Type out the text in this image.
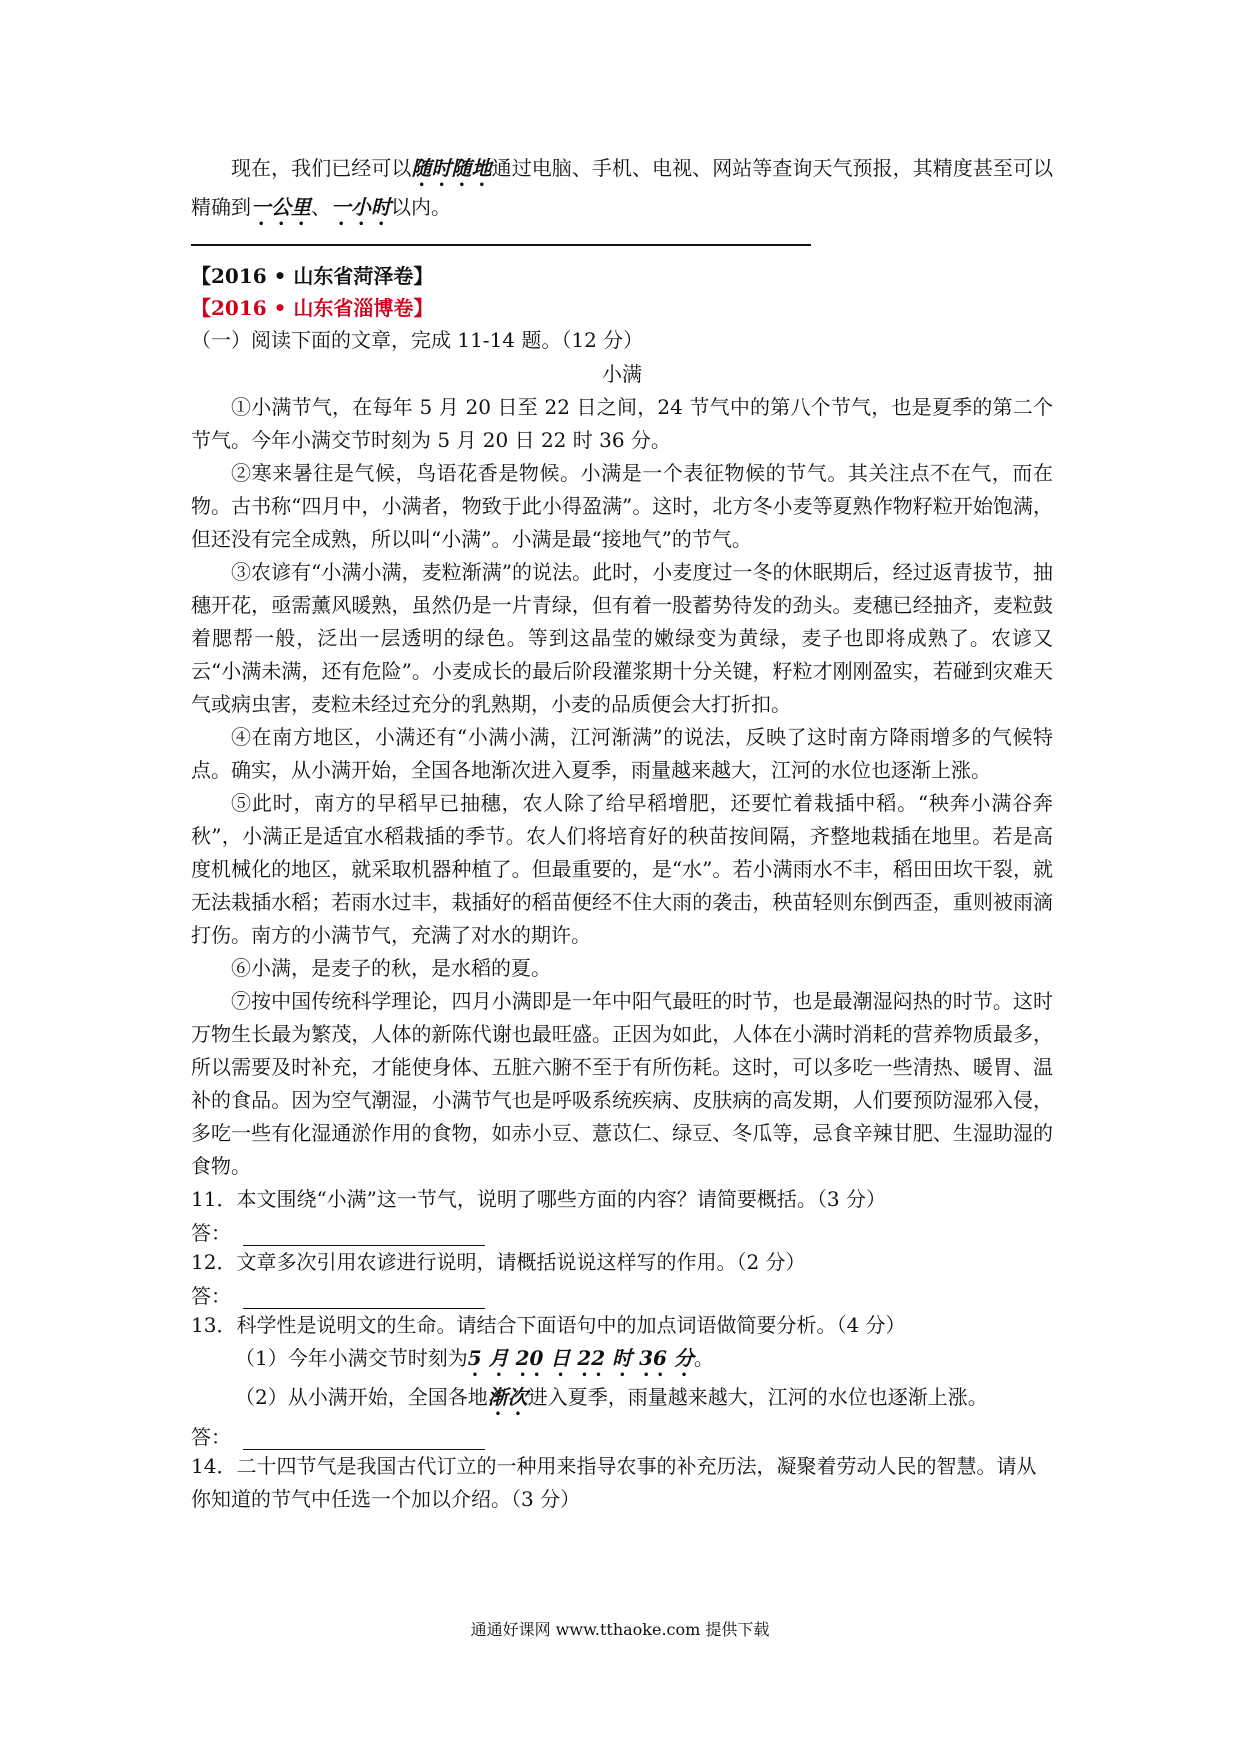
现在，我们已经可以随时随地通过电脑、手机、电视、网站等查询天气预报，其精度甚至可以精确到一公里、一小时以内。

【2016 • 山东省菏泽卷】
【2016 • 山东省淄博卷】
（一）阅读下面的文章，完成 11-14 题。（12 分）
小满

①小满节气，在每年 5 月 20 日至 22 日之间，24 节气中的第八个节气，也是夏季的第二个节气。今年小满交节时刻为 5 月 20 日 22 时 36 分。

②寒来暑往是气候，鸟语花香是物候。小满是一个表征物候的节气。其关注点不在气，而在物。古书称“四月中，小满者，物致于此小得盈满”。这时，北方冬小麦等夏熟作物籽粒开始饱满，但还没有完全成熟，所以叫“小满”。小满是最“接地气”的节气。

③农谚有“小满小满，麦粒渐满”的说法。此时，小麦度过一冬的休眠期后，经过返青拔节，抽穗开花，亟需薰风暖熟，虽然仍是一片青绿，但有着一股蓄势待发的劲头。麦穗已经抽齐，麦粒鼓着腮帮一般，泛出一层透明的绿色。等到这晶莹的嫩绿变为黄绿，麦子也即将成熟了。农谚又云“小满未满，还有危险”。小麦成长的最后阶段灌浆期十分关键，籽粒才刚刚盈实，若碰到灾难天气或病虫害，麦粒未经过充分的乳熟期，小麦的品质便会大打折扣。

④在南方地区，小满还有“小满小满，江河渐满”的说法，反映了这时南方降雨增多的气候特点。确实，从小满开始，全国各地渐次进入夏季，雨量越来越大，江河的水位也逐渐上涨。

⑤此时，南方的早稻早已抽穗，农人除了给早稻增肥，还要忙着栽插中稻。“秧奔小满谷奔秋”，小满正是适宜水稻栽插的季节。农人们将培育好的秧苗按间隔，齐整地栽插在地里。若是高度机械化的地区，就采取机器种植了。但最重要的，是“水”。若小满雨水不丰，稻田田坎干裂，就无法栽插水稻；若雨水过丰，栽插好的稻苗便经不住大雨的袭击，秧苗轻则东倒西歪，重则被雨滴打伤。南方的小满节气，充满了对水的期许。

⑥小满，是麦子的秋，是水稻的夏。

⑦按中国传统科学理论，四月小满即是一年中阳气最旺的时节，也是最潮湿闷热的时节。这时万物生长最为繁茂，人体的新陈代谢也最旺盛。正因为如此，人体在小满时消耗的营养物质最多，所以需要及时补充，才能使身体、五脏六腑不至于有所伤耗。这时，可以多吃一些清热、暖胃、温补的食品。因为空气潮湿，小满节气也是呼吸系统疾病、皮肤病的高发期，人们要预防湿邪入侵，多吃一些有化湿通淤作用的食物，如赤小豆、薏苡仁、绿豆、冬瓜等，忌食辛辣甘肥、生湿助湿的食物。

11．本文围绕“小满”这一节气，说明了哪些方面的内容？请简要概括。（3 分）
答：
12．文章多次引用农谚进行说明，请概括说说这样写的作用。（2 分）
答：
13．科学性是说明文的生命。请结合下面语句中的加点词语做简要分析。（4 分）
（1）今年小满交节时刻为5 月 20 日 22 时 36 分。
（2）从小满开始，全国各地渐次进入夏季，雨量越来越大，江河的水位也逐渐上涨。
答：
14．二十四节气是我国古代订立的一种用来指导农事的补充历法，凝聚着劳动人民的智慧。请从你知道的节气中任选一个加以介绍。（3 分）
通通好课网 www.tthaoke.com 提供下载
